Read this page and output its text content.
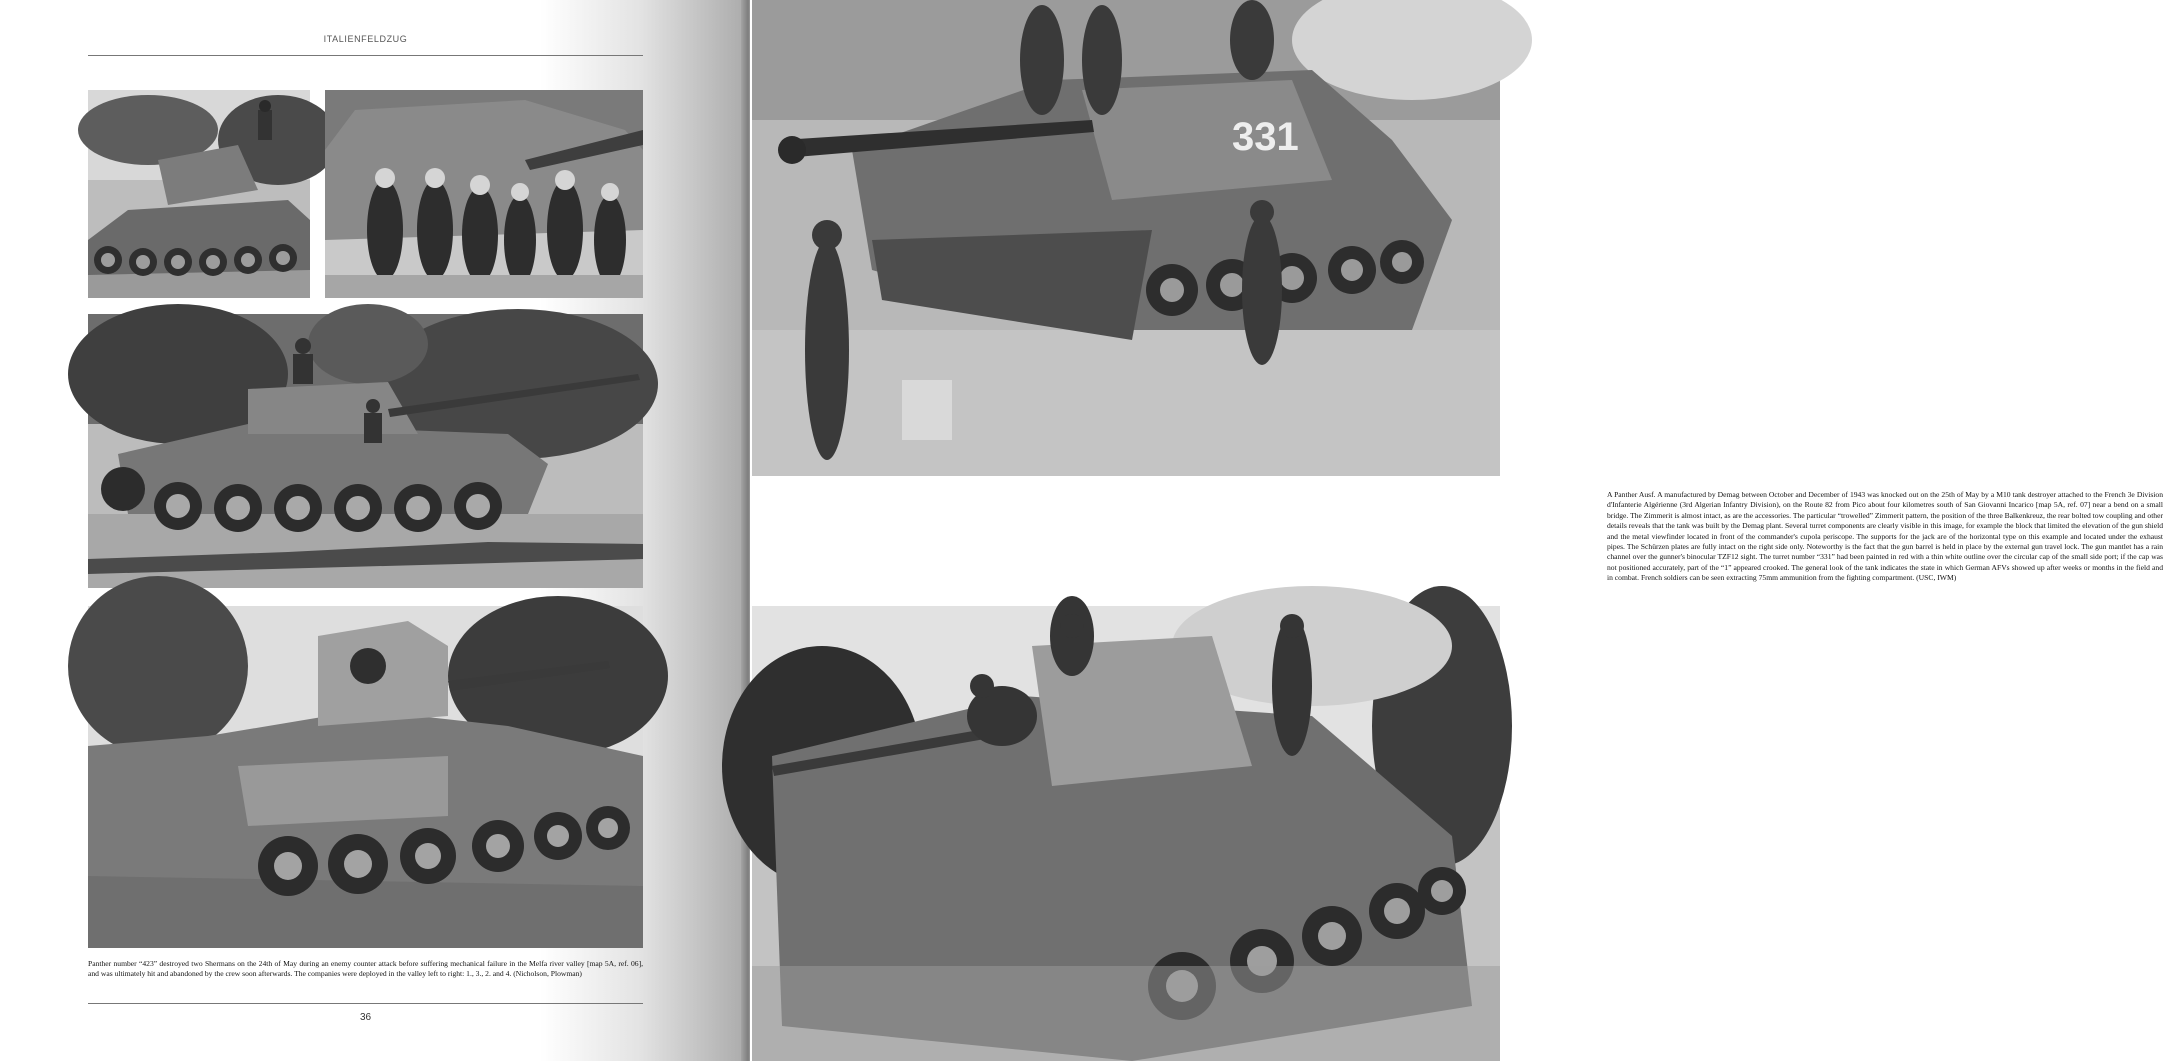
ITALIENFELDZUG
Panther number “423” destroyed two Shermans on the 24th of May during an enemy counter attack before suffering mechanical failure in the Melfa river valley [map 5A, ref. 06], and was ultimately hit and abandoned by the crew soon afterwards. The companies were deployed in the valley left to right: 1., 3., 2. and 4. (Nicholson, Plowman)
36
331
A Panther Ausf. A manufactured by Demag between October and December of 1943 was knocked out on the 25th of May by a M10 tank destroyer attached to the French 3e Division d'Infanterie Algérienne (3rd Algerian Infantry Division), on the Route 82 from Pico about four kilometres south of San Giovanni Incarico [map 5A, ref. 07] near a bend on a small bridge. The Zimmerit is almost intact, as are the accessories. The particular “trowelled” Zimmerit pattern, the position of the three Balkenkreuz, the rear bolted tow coupling and other details reveals that the tank was built by the Demag plant. Several turret components are clearly visible in this image, for example the block that limited the elevation of the gun shield and the metal viewfinder located in front of the commander's cupola periscope. The supports for the jack are of the horizontal type on this example and located under the exhaust pipes. The Schürzen plates are fully intact on the right side only. Noteworthy is the fact that the gun barrel is held in place by the external gun travel lock. The gun mantlet has a rain channel over the gunner's binocular TZF12 sight. The turret number “331” had been painted in red with a thin white outline over the circular cap of the small side port; if the cap was not positioned accurately, part of the “1” appeared crooked. The general look of the tank indicates the state in which German AFVs showed up after weeks or months in the field and in combat. French soldiers can be seen extracting 75mm ammunition from the fighting compartment. (USC, IWM)
